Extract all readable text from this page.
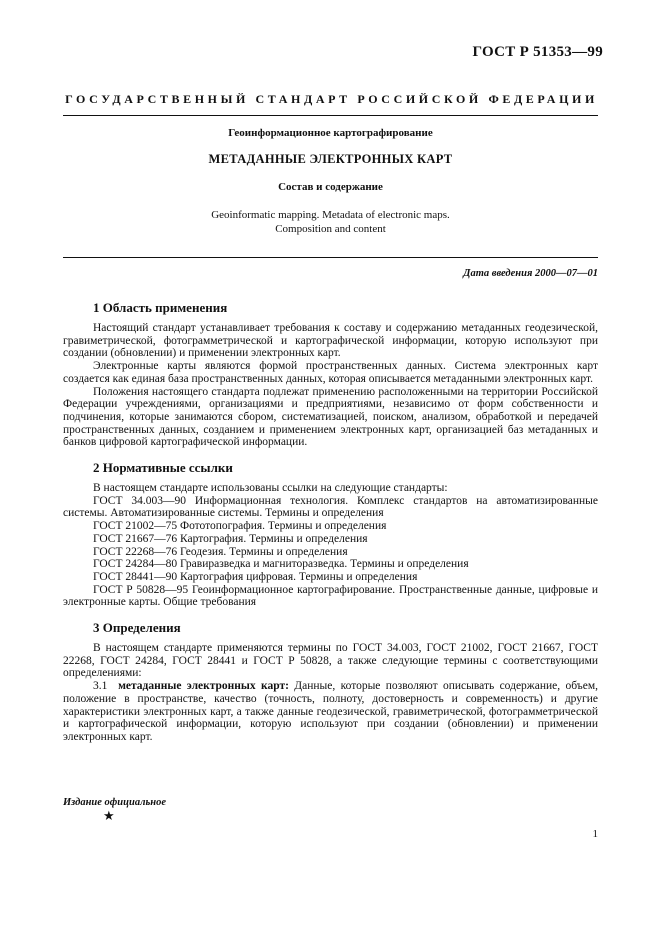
ГОСТ Р 51353—99
ГОСУДАРСТВЕННЫЙ СТАНДАРТ РОССИЙСКОЙ ФЕДЕРАЦИИ
Геоинформационное картографирование
МЕТАДАННЫЕ ЭЛЕКТРОННЫХ КАРТ
Состав и содержание
Geoinformatic mapping. Metadata of electronic maps.
Composition and content
Дата введения 2000—07—01
1 Область применения

Настоящий стандарт устанавливает требования к составу и содержанию метаданных геодезической, гравиметрической, фотограмметрической и картографической информации, которую используют при создании (обновлении) и применении электронных карт.

Электронные карты являются формой пространственных данных. Система электронных карт создается как единая база пространственных данных, которая описывается метаданными электронных карт.

Положения настоящего стандарта подлежат применению расположенными на территории Российской Федерации учреждениями, организациями и предприятиями, независимо от форм собственности и подчинения, которые занимаются сбором, систематизацией, поиском, анализом, обработкой и передачей пространственных данных, созданием и применением электронных карт, организацией баз метаданных и банков цифровой картографической информации.

2 Нормативные ссылки

В настоящем стандарте использованы ссылки на следующие стандарты:

ГОСТ 34.003—90 Информационная технология. Комплекс стандартов на автоматизированные системы. Автоматизированные системы. Термины и определения

ГОСТ 21002—75 Фототопография. Термины и определения

ГОСТ 21667—76 Картография. Термины и определения

ГОСТ 22268—76 Геодезия. Термины и определения

ГОСТ 24284—80 Гравиразведка и магниторазведка. Термины и определения

ГОСТ 28441—90 Картография цифровая. Термины и определения

ГОСТ Р 50828—95 Геоинформационное картографирование. Пространственные данные, цифровые и электронные карты. Общие требования

3 Определения

В настоящем стандарте применяются термины по ГОСТ 34.003, ГОСТ 21002, ГОСТ 21667, ГОСТ 22268, ГОСТ 24284, ГОСТ 28441 и ГОСТ Р 50828, а также следующие термины с соответствующими определениями:

3.1 метаданные электронных карт: Данные, которые позволяют описывать содержание, объем, положение в пространстве, качество (точность, полноту, достоверность и современность) и другие характеристики электронных карт, а также данные геодезической, гравиметрической, фотограмметрической и картографической информации, которую используют при создании (обновлении) и применении электронных карт.

Издание официальное
★
1
